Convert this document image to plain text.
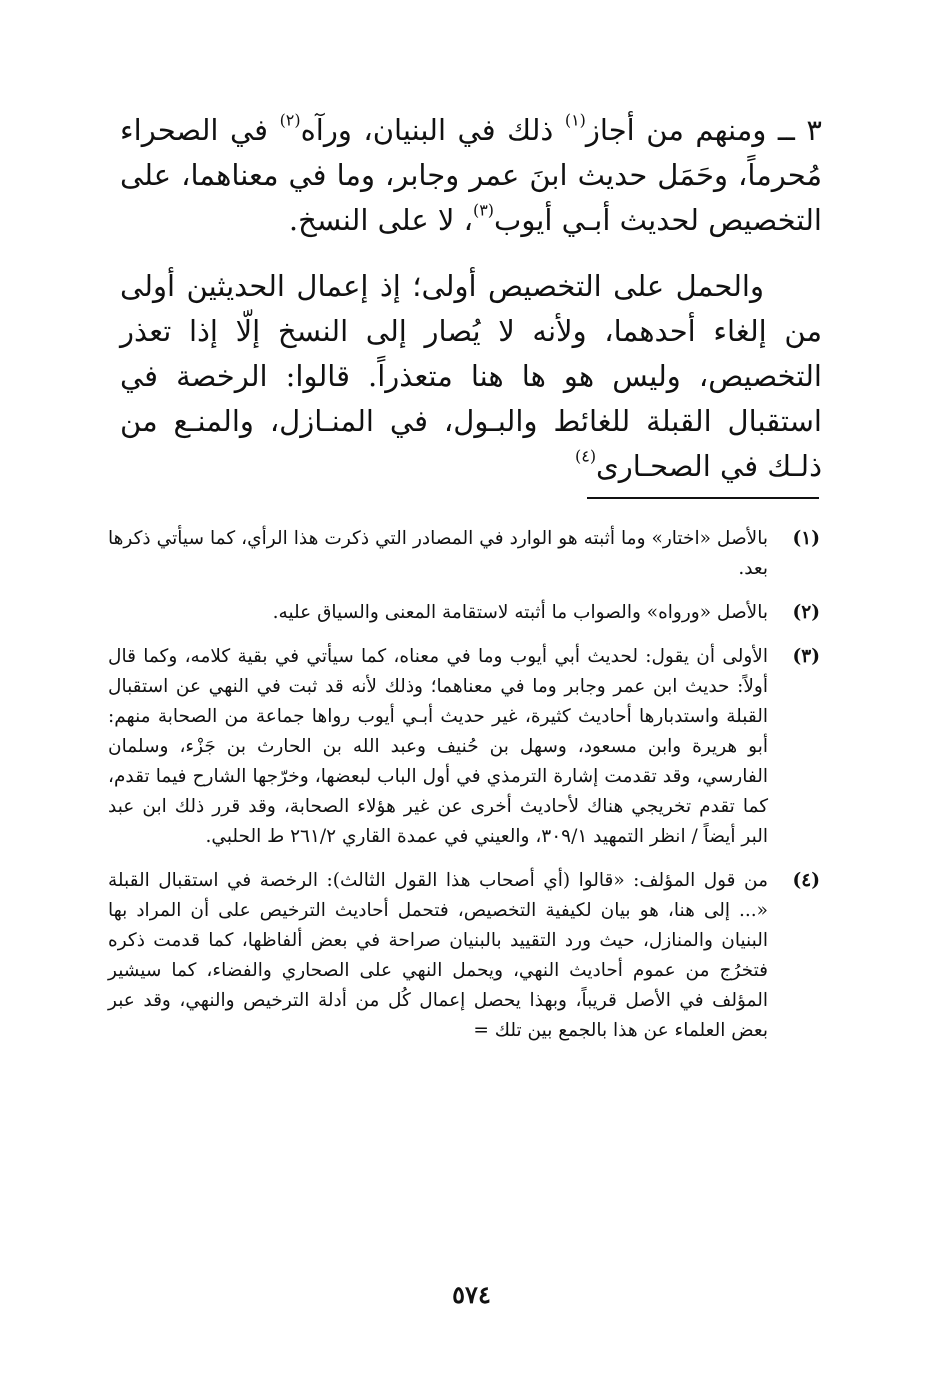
٣ ــ ومنهم من أجاز$^{(١)}$ ذلك في البنيان، ورآه$^{(٢)}$ في الصحراء مُحرماً، وحَمَل حديث ابنَ عمر وجابر، وما في معناهما، على التخصيص لحديث أبـي أيوب$^{(٣)}$، لا على النسخ.

والحمل على التخصيص أولى؛ إذ إعمال الحديثين أولى من إلغاء أحدهما، ولأنه لا يُصار إلى النسخ إلّا إذا تعذر التخصيص، وليس هو ها هنا متعذراً. قالوا: الرخصة في استقبال القبلة للغائط والبـول، في المنـازل، والمنـع من ذلـك في الصحـارى$^{(٤)}$

(١)
بالأصل «اختار» وما أثبته هو الوارد في المصادر التي ذكرت هذا الرأي، كما سيأتي ذكرها بعد.
(٢)
بالأصل «ورواه» والصواب ما أثبته لاستقامة المعنى والسياق عليه.
(٣)
الأولى أن يقول: لحديث أبي أيوب وما في معناه، كما سيأتي في بقية كلامه، وكما قال أولاً: حديث ابن عمر وجابر وما في معناهما؛ وذلك لأنه قد ثبت في النهي عن استقبال القبلة واستدبارها أحاديث كثيرة، غير حديث أبـي أيوب رواها جماعة من الصحابة منهم: أبو هريرة وابن مسعود، وسهل بن حُنيف وعبد الله بن الحارث بن جَزْء، وسلمان الفارسي، وقد تقدمت إشارة الترمذي في أول الباب لبعضها، وخرّجها الشارح فيما تقدم، كما تقدم تخريجي هناك لأحاديث أخرى عن غير هؤلاء الصحابة، وقد قرر ذلك ابن عبد البر أيضاً / انظر التمهيد ٣٠٩/١، والعيني في عمدة القاري ٢٦١/٢ ط الحلبي.
(٤)
من قول المؤلف: «قالوا (أي أصحاب هذا القول الثالث): الرخصة في استقبال القبلة «... إلى هنا، هو بيان لكيفية التخصيص، فتحمل أحاديث الترخيص على أن المراد بها البنيان والمنازل، حيث ورد التقييد بالبنيان صراحة في بعض ألفاظها، كما قدمت ذكره فتخرُج من عموم أحاديث النهي، ويحمل النهي على الصحاري والفضاء، كما سيشير المؤلف في الأصل قريباً، وبهذا يحصل إعمال كُل من أدلة الترخيص والنهي، وقد عبر بعض العلماء عن هذا بالجمع بين تلك =
٥٧٤
